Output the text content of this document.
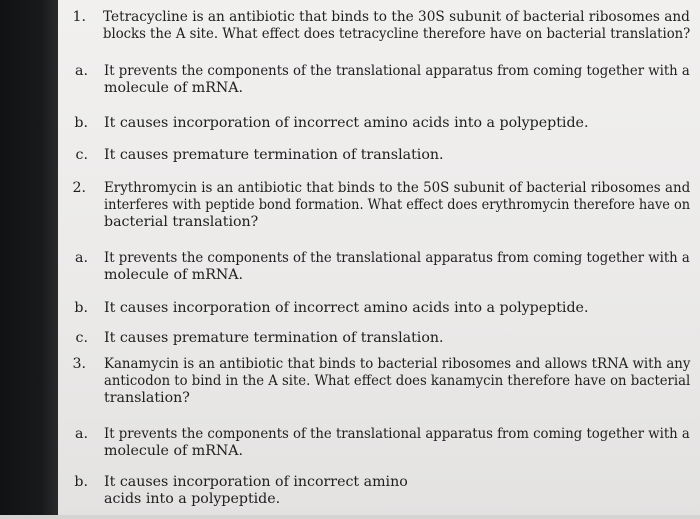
1. Tetracycline is an antibiotic that binds to the 30S subunit of bacterial ribosomes and
blocks the A site. What effect does tetracycline therefore have on bacterial translation?
a. It prevents the components of the translational apparatus from coming together with a
molecule of mRNA.
b. It causes incorporation of incorrect amino acids into a polypeptide.
c. It causes premature termination of translation.
2. Erythromycin is an antibiotic that binds to the 50S subunit of bacterial ribosomes and
interferes with peptide bond formation. What effect does erythromycin therefore have on
bacterial translation?
a. It prevents the components of the translational apparatus from coming together with a
molecule of mRNA.
b. It causes incorporation of incorrect amino acids into a polypeptide.
c. It causes premature termination of translation.
3. Kanamycin is an antibiotic that binds to bacterial ribosomes and allows tRNA with any
anticodon to bind in the A site. What effect does kanamycin therefore have on bacterial
translation?
a. It prevents the components of the translational apparatus from coming together with a
molecule of mRNA.
b. It causes incorporation of incorrect amino
acids into a polypeptide.
